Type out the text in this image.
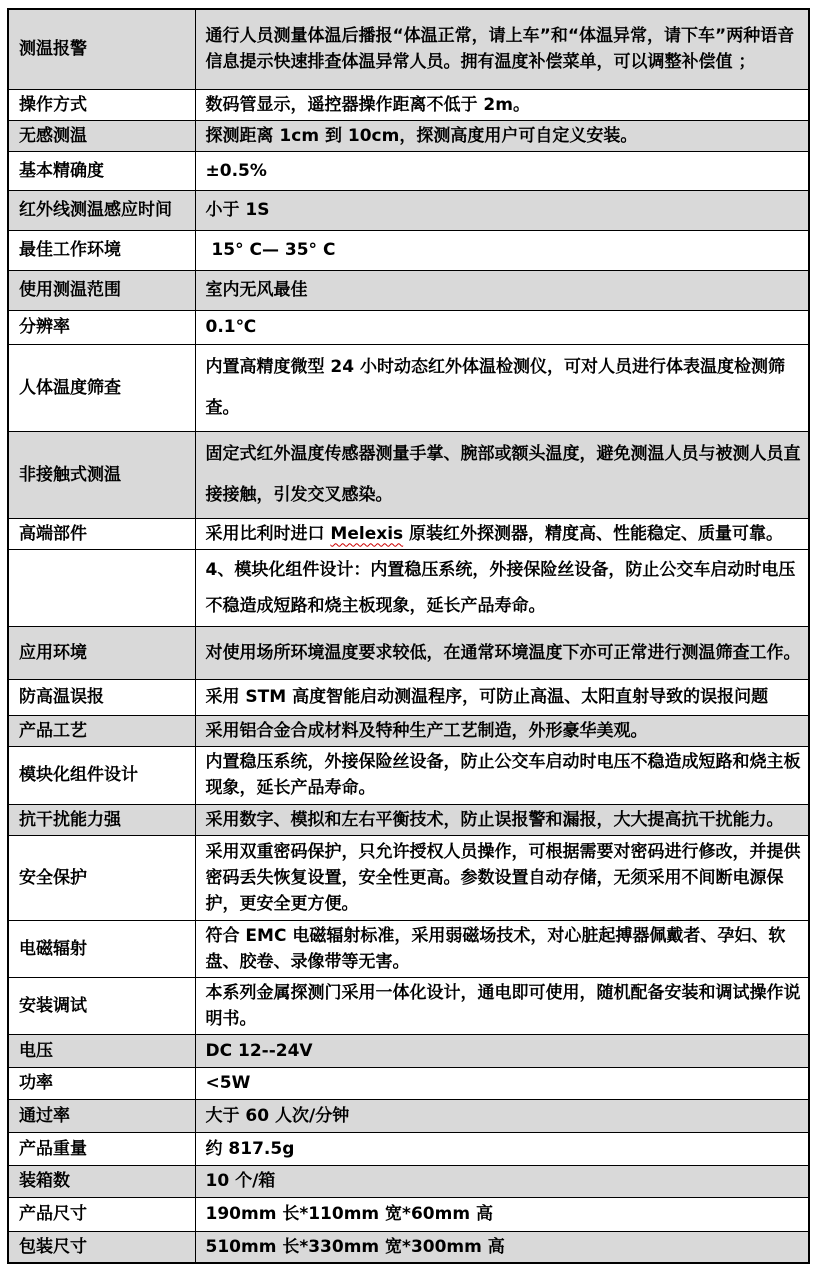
测温报警	通行人员测量体温后播报“体温正常，请上车”和“体温异常，请下车”两种语音信息提示快速排查体温异常人员。拥有温度补偿菜单，可以调整补偿值 ；
操作方式	数码管显示，遥控器操作距离不低于 2m。
无感测温	探测距离 1cm 到 10cm，探测高度用户可自定义安装。
基本精确度	±0.5%
红外线测温感应时间	小于 1S
最佳工作环境	15° C— 35° C
使用测温范围	室内无风最佳
分辨率	0.1℃
人体温度筛查	内置高精度微型 24 小时动态红外体温检测仪，可对人员进行体表温度检测筛查。
非接触式测温	固定式红外温度传感器测量手掌、腕部或额头温度，避免测温人员与被测人员直接接触，引发交叉感染。
高端部件	采用比利时进口 Melexis 原装红外探测器，精度高、性能稳定、质量可靠。
	4、模块化组件设计：内置稳压系统，外接保险丝设备，防止公交车启动时电压不稳造成短路和烧主板现象，延长产品寿命。
应用环境	对使用场所环境温度要求较低，在通常环境温度下亦可正常进行测温筛查工作。
防高温误报	采用 STM 高度智能启动测温程序，可防止高温、太阳直射导致的误报问题
产品工艺	采用铝合金合成材料及特种生产工艺制造，外形豪华美观。
模块化组件设计	内置稳压系统，外接保险丝设备，防止公交车启动时电压不稳造成短路和烧主板现象，延长产品寿命。
抗干扰能力强	采用数字、模拟和左右平衡技术，防止误报警和漏报，大大提高抗干扰能力。
安全保护	采用双重密码保护，只允许授权人员操作，可根据需要对密码进行修改，并提供密码丢失恢复设置，安全性更高。参数设置自动存储，无须采用不间断电源保护，更安全更方便。
电磁辐射	符合 EMC 电磁辐射标准，采用弱磁场技术，对心脏起搏器佩戴者、孕妇、软盘、胶卷、录像带等无害。
安装调试	本系列金属探测门采用一体化设计，通电即可使用，随机配备安装和调试操作说明书。
电压	DC 12--24V
功率	<5W
通过率	大于 60 人次/分钟
产品重量	约 817.5g
装箱数	10 个/箱
产品尺寸	190mm 长*110mm 宽*60mm 高
包装尺寸	510mm 长*330mm 宽*300mm 高
